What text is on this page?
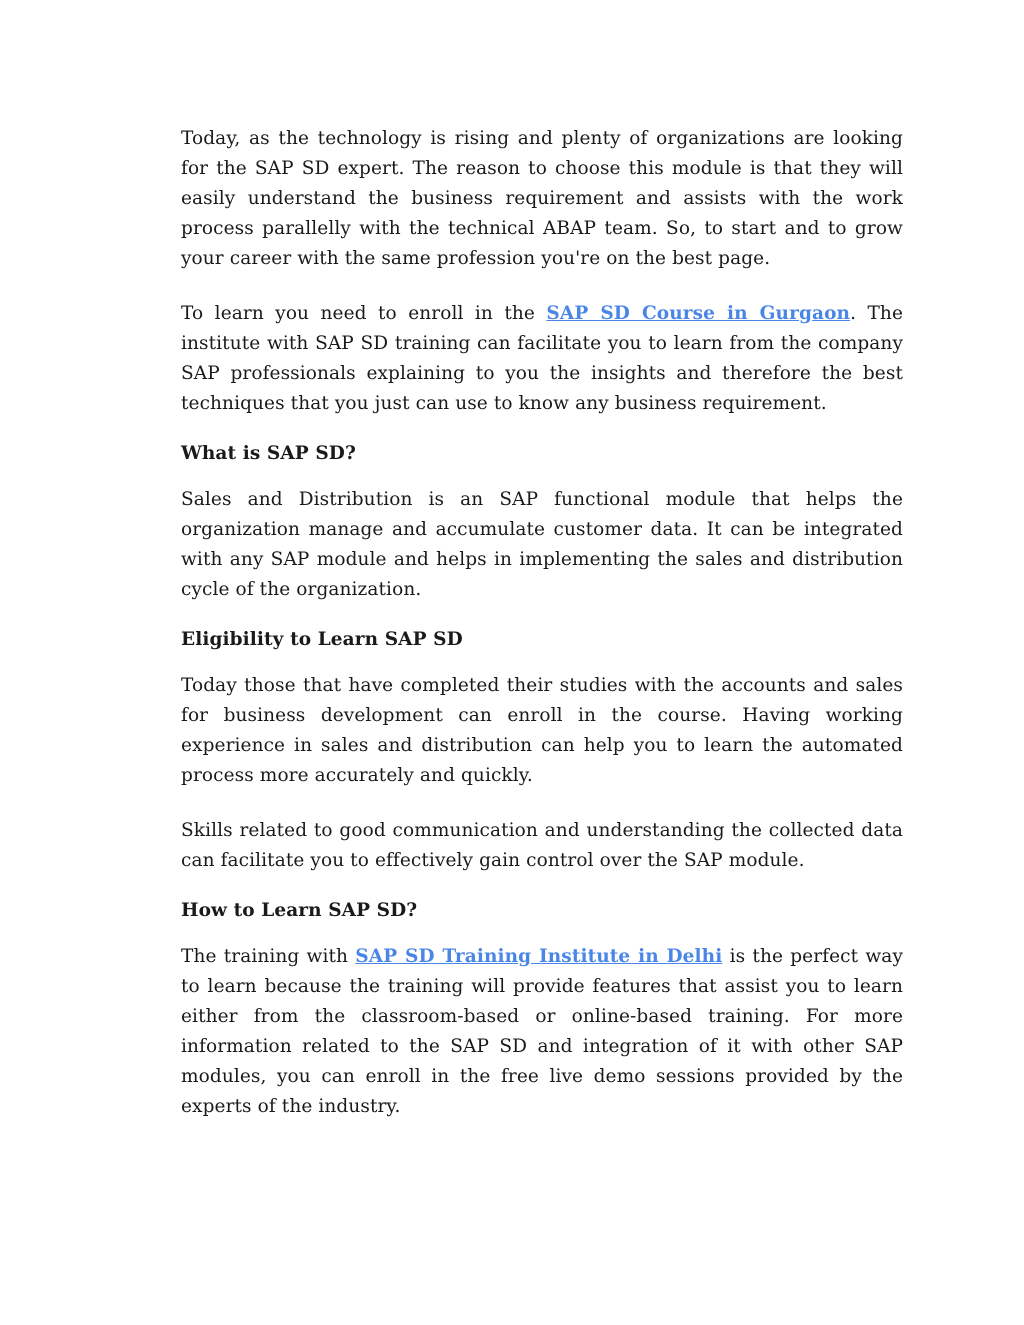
Today, as the technology is rising and plenty of organizations are looking for the SAP SD expert. The reason to choose this module is that they will easily understand the business requirement and assists with the work process parallelly with the technical ABAP team. So, to start and to grow your career with the same profession you're on the best page.

To learn you need to enroll in the SAP SD Course in Gurgaon. The institute with SAP SD training can facilitate you to learn from the company SAP professionals explaining to you the insights and therefore the best techniques that you just can use to know any business requirement.

What is SAP SD?

Sales and Distribution is an SAP functional module that helps the organization manage and accumulate customer data. It can be integrated with any SAP module and helps in implementing the sales and distribution cycle of the organization.

Eligibility to Learn SAP SD

Today those that have completed their studies with the accounts and sales for business development can enroll in the course. Having working experience in sales and distribution can help you to learn the automated process more accurately and quickly.

Skills related to good communication and understanding the collected data can facilitate you to effectively gain control over the SAP module.

How to Learn SAP SD?

The training with SAP SD Training Institute in Delhi is the perfect way to learn because the training will provide features that assist you to learn either from the classroom-based or online-based training. For more information related to the SAP SD and integration of it with other SAP modules, you can enroll in the free live demo sessions provided by the experts of the industry.
